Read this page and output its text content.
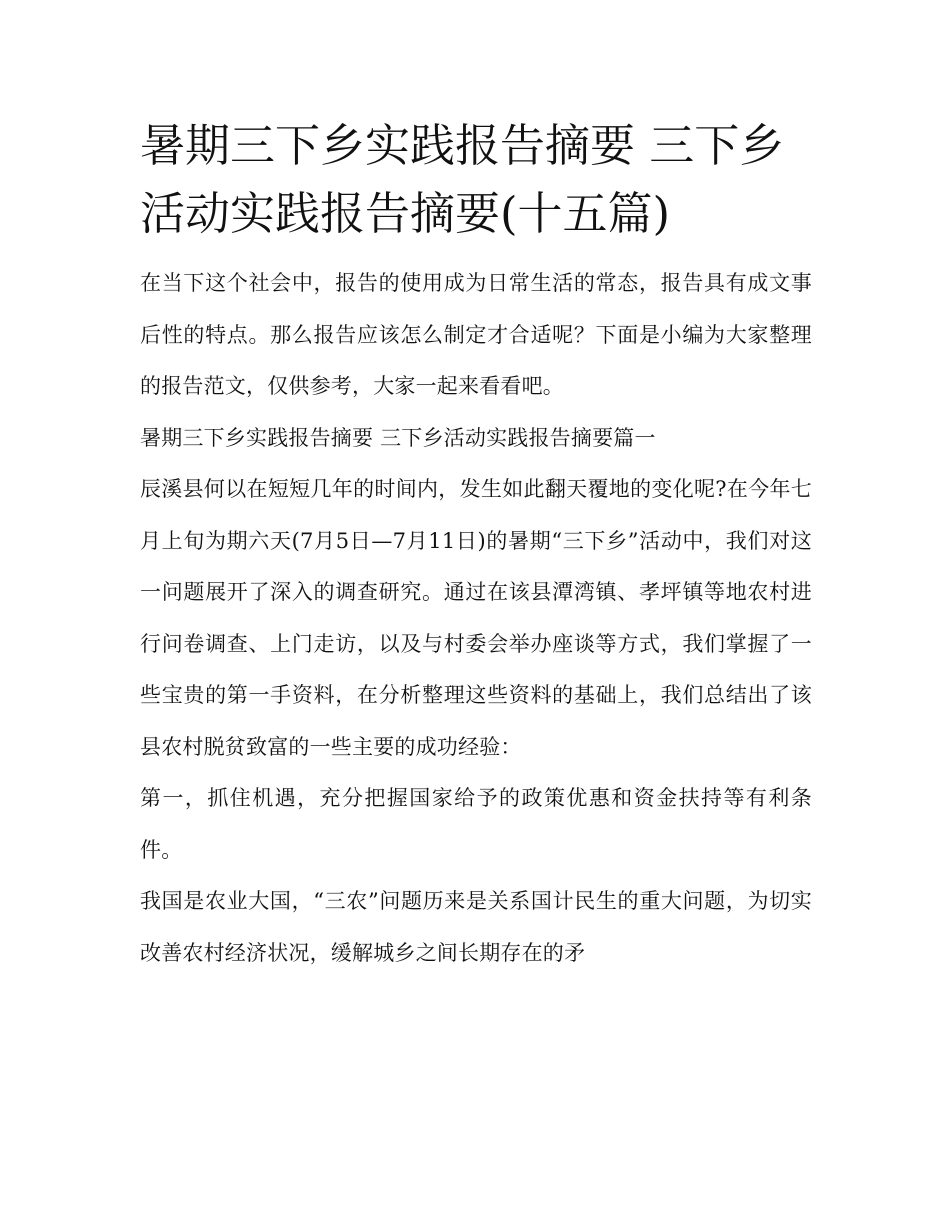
暑期三下乡实践报告摘要 三下乡活动实践报告摘要(十五篇)

在当下这个社会中，报告的使用成为日常生活的常态，报告具有成文事后性的特点。那么报告应该怎么制定才合适呢？下面是小编为大家整理的报告范文，仅供参考，大家一起来看看吧。

暑期三下乡实践报告摘要 三下乡活动实践报告摘要篇一

辰溪县何以在短短几年的时间内，发生如此翻天覆地的变化呢?在今年七月上旬为期六天(7月5日—7月11日)的暑期“三下乡”活动中，我们对这一问题展开了深入的调查研究。通过在该县潭湾镇、孝坪镇等地农村进行问卷调查、上门走访，以及与村委会举办座谈等方式，我们掌握了一些宝贵的第一手资料，在分析整理这些资料的基础上，我们总结出了该县农村脱贫致富的一些主要的成功经验：

第一，抓住机遇，充分把握国家给予的政策优惠和资金扶持等有利条件。

我国是农业大国，“三农”问题历来是关系国计民生的重大问题，为切实改善农村经济状况，缓解城乡之间长期存在的矛
